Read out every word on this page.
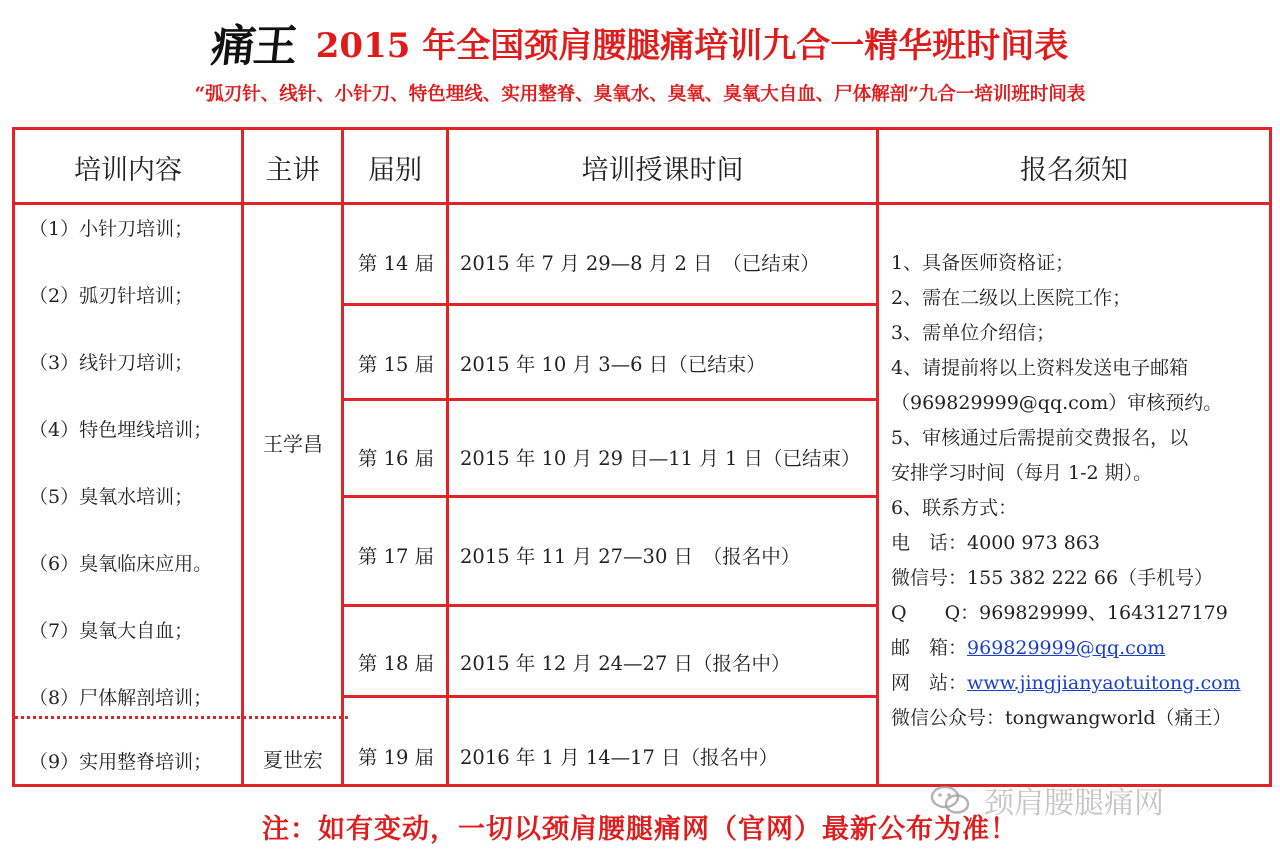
痛王 2015 年全国颈肩腰腿痛培训九合一精华班时间表
“弧刃针、线针、小针刀、特色埋线、实用整脊、臭氧水、臭氧、臭氧大自血、尸体解剖”九合一培训班时间表
培训内容	主讲	届别	培训授课时间	报名须知
（1）小针刀培训；
（2）弧刃针培训；
（3）线针刀培训；
（4）特色埋线培训；
（5）臭氧水培训；
（6）臭氧临床应用。
（7）臭氧大自血；
（8）尸体解剖培训；
（9）实用整脊培训；
王学昌
夏世宏
第 14 届	2015 年 7 月 29—8 月 2 日　（已结束）
第 15 届	2015 年 10 月 3—6 日（已结束）
第 16 届	2015 年 10 月 29 日—11 月 1 日（已结束）
第 17 届	2015 年 11 月 27—30 日　（报名中）
第 18 届	2015 年 12 月 24—27 日（报名中）
第 19 届	2016 年 1 月 14—17 日（报名中）
1、具备医师资格证；
2、需在二级以上医院工作；
3、需单位介绍信；
4、请提前将以上资料发送电子邮箱
（969829999@qq.com）审核预约。
5、审核通过后需提前交费报名，以
安排学习时间（每月 1-2 期）。
6、联系方式：
电　话：4000 973 863
微信号：155 382 222 66（手机号）
Q　　Q：969829999、1643127179
邮　箱：969829999@qq.com
网　站：www.jingjianyaotuitong.com
微信公众号：tongwangworld（痛王）
颈肩腰腿痛网
注：如有变动，一切以颈肩腰腿痛网（官网）最新公布为准！
